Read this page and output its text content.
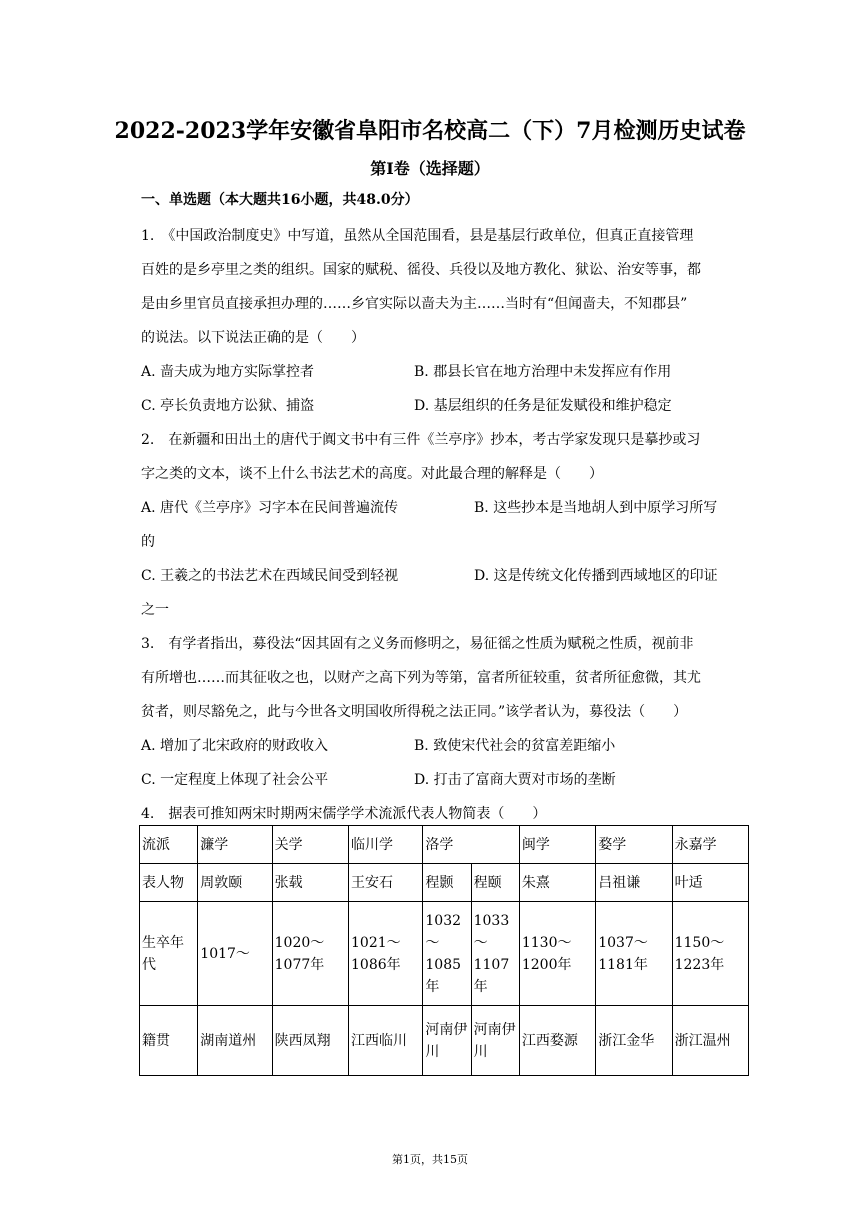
2022-2023学年安徽省阜阳市名校高二（下）7月检测历史试卷
第Ⅰ卷（选择题）
一、单选题（本大题共16小题，共48.0分）
1.　《中国政治制度史》中写道，虽然从全国范围看，县是基层行政单位，但真正直接管理
百姓的是乡亭里之类的组织。国家的赋税、徭役、兵役以及地方教化、狱讼、治安等事，都
是由乡里官员直接承担办理的……乡官实际以啬夫为主……当时有“但闻啬夫，不知郡县”
的说法。以下说法正确的是（　　）
A. 啬夫成为地方实际掌控者	B. 郡县长官在地方治理中未发挥应有作用
C. 亭长负责地方讼狱、捕盗	D. 基层组织的任务是征发赋役和维护稳定
2.　在新疆和田出土的唐代于阗文书中有三件《兰亭序》抄本，考古学家发现只是摹抄或习
字之类的文本，谈不上什么书法艺术的高度。对此最合理的解释是（　　）
A. 唐代《兰亭序》习字本在民间普遍流传	B. 这些抄本是当地胡人到中原学习所写
的
C. 王羲之的书法艺术在西域民间受到轻视	D. 这是传统文化传播到西域地区的印证
之一
3.　有学者指出，募役法“因其固有之义务而修明之，易征徭之性质为赋税之性质，视前非
有所增也……而其征收之也，以财产之高下列为等第，富者所征较重，贫者所征愈微，其尤
贫者，则尽豁免之，此与今世各文明国收所得税之法正同。”该学者认为，募役法（　　）
A. 增加了北宋政府的财政收入	B. 致使宋代社会的贫富差距缩小
C. 一定程度上体现了社会公平	D. 打击了富商大贾对市场的垄断
4.　据表可推知两宋时期两宋儒学学术流派代表人物简表（　　）
流派	濂学	关学	临川学	洛学		闽学	婺学	永嘉学
表人物	周敦颐	张载	王安石	程颢	程颐	朱熹	吕祖谦	叶适
生卒年代	1017～	1020～1077年	1021～1086年	1032～1085年	1033～1107年	1130～1200年	1037～1181年	1150～1223年
籍贯	湖南道州	陕西凤翔	江西临川	河南伊川	河南伊川	江西婺源	浙江金华	浙江温州
第1页，共15页
